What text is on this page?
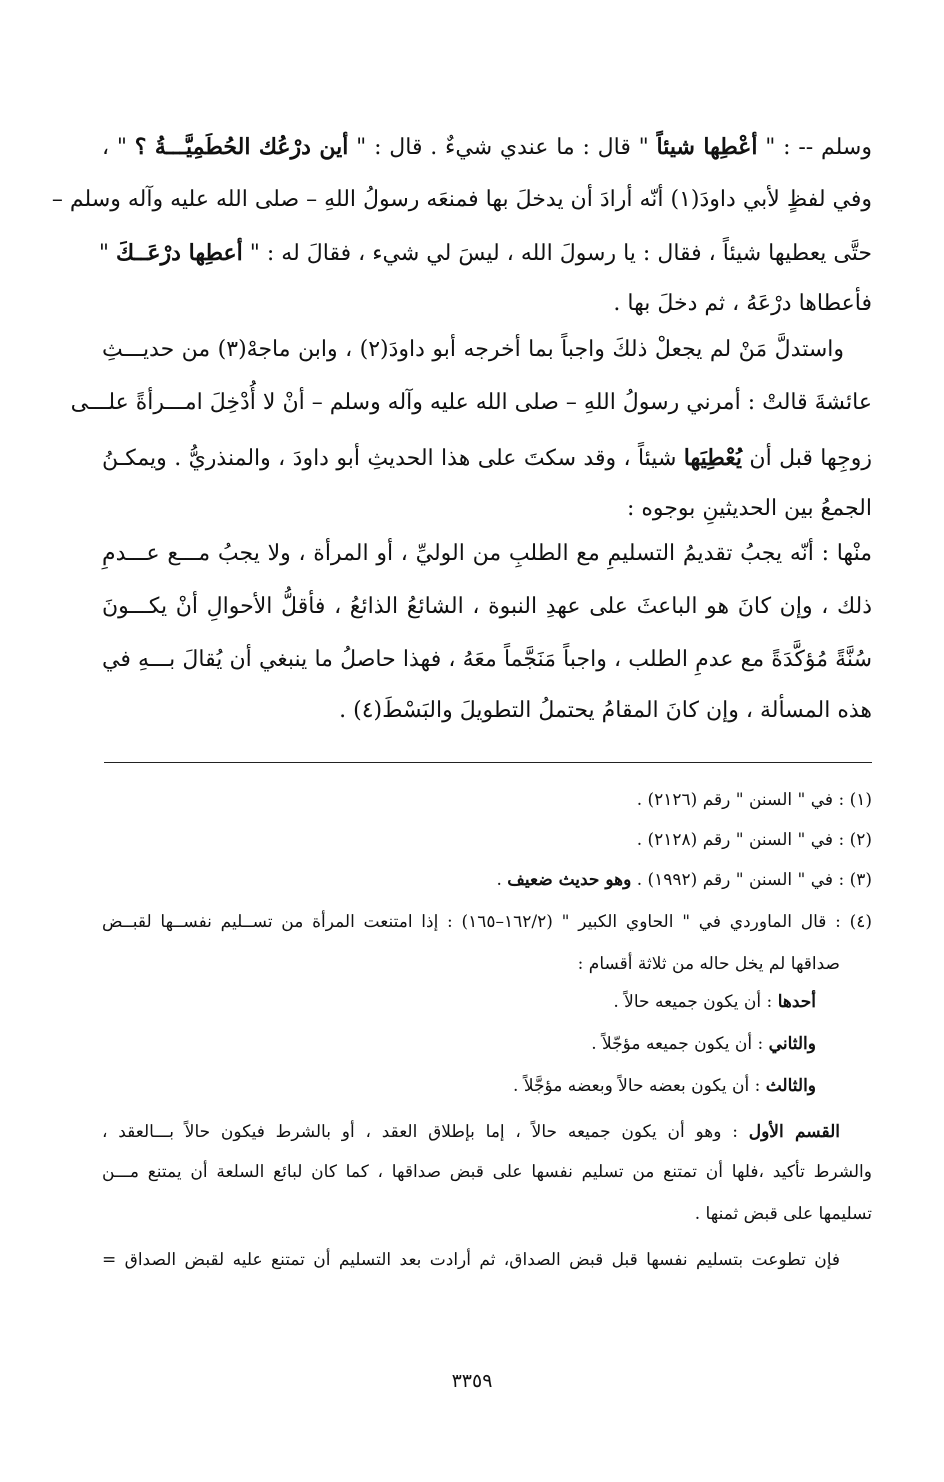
وسلم -- : " أعْطِها شيئاً " قال : ما عندي شيءٌ . قال : " أين درْعُك الحُطَمِيَّـــةُ ؟ " ،
وفي لفظٍ لأبي داودَ(١) أنّه أرادَ أن يدخلَ بها فمنعَه رسولُ اللهِ – صلى الله عليه وآله وسلم –
حتَّى يعطيها شيئاً ، فقال : يا رسولَ الله ، ليسَ لي شيء ، فقالَ له : " أعطِها درْعَــكَ "
فأعطاها درْعَهُ ، ثم دخلَ بها .
واستدلَّ مَنْ لم يجعلْ ذلكَ واجباً بما أخرجه أبو داودَ(٢) ، وابن ماجهْ(٣) من حديـــثِ
عائشةَ قالتْ : أمرني رسولُ اللهِ – صلى الله عليه وآله وسلم – أنْ لا أُدْخِلَ امـــرأةً علـــى
زوجِها قبل أن يُعْطِيَها شيئاً ، وقد سكتَ على هذا الحديثِ أبو داودَ ، والمنذريُّ . ويمكـنُ
الجمعُ بين الحديثينِ بوجوه :
منْها : أنّه يجبُ تقديمُ التسليمِ مع الطلبِ من الوليِّ ، أو المرأة ، ولا يجبُ مـــع عـــدمِ
ذلك ، وإن كانَ هو الباعثَ على عهدِ النبوة ، الشائعُ الذائعُ ، فأقلُّ الأحوالِ أنْ يكـــونَ
سُنَّةً مُؤكَّدَةً مع عدمِ الطلب ، واجباً مَنَجَّماً معَهُ ، فهذا حاصلُ ما ينبغي أن يُقالَ بـــهِ في
هذه المسألة ، وإن كانَ المقامُ يحتملُ التطويلَ والبَسْطَ(٤) .
(١) : في " السنن " رقم (٢١٢٦) .
(٢) : في " السنن " رقم (٢١٢٨) .
(٣) : في " السنن " رقم (١٩٩٢) . وهو حديث ضعيف .
(٤) : قال الماوردي في " الحاوي الكبير " (١٦٢/٢–١٦٥) : إذا امتنعت المرأة من تســليم نفســها لقبــض
صداقها لم يخل حاله من ثلاثة أقسام :
أحدها : أن يكون جميعه حالاً .
والثاني : أن يكون جميعه مؤجّلاً .
والثالث : أن يكون بعضه حالاً وبعضه مؤجَّلاً .
القسم الأول : وهو أن يكون جميعه حالاً ، إما بإطلاق العقد ، أو بالشرط فيكون حالاً بـــالعقد ،
والشرط تأكيد ،فلها أن تمتنع من تسليم نفسها على قبض صداقها ، كما كان لبائع السلعة أن يمتنع مـــن
تسليمها على قبض ثمنها .
فإن تطوعت بتسليم نفسها قبل قبض الصداق، ثم أرادت بعد التسليم أن تمتنع عليه لقبض الصداق =
٣٣٥٩
